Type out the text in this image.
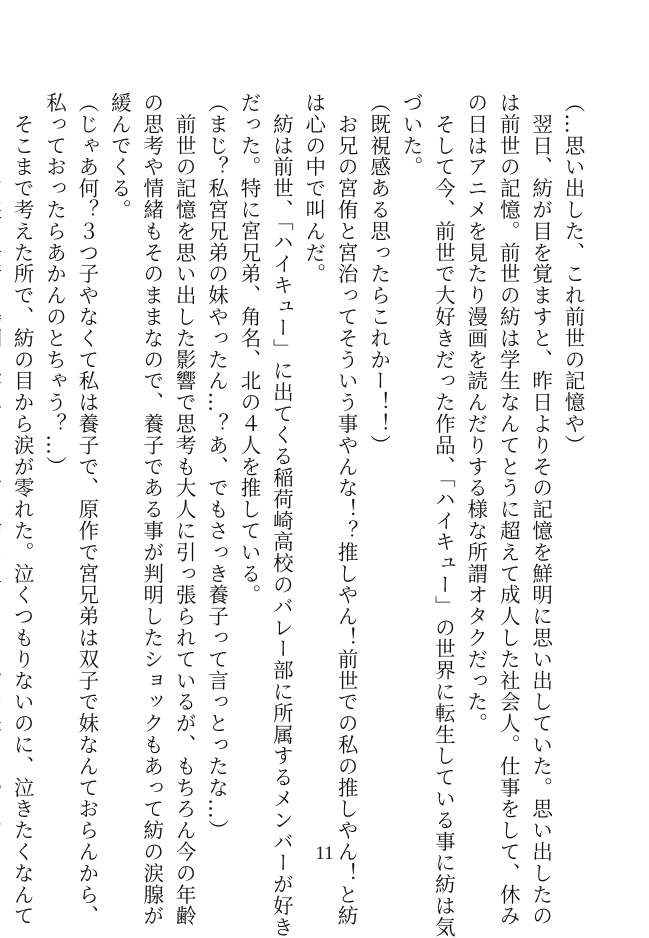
（…思い出した、これ前世の記憶や）
　翌日、紡が目を覚ますと、昨日よりその記憶を鮮明に思い出していた。思い出したの
は前世の記憶。前世の紡は学生なんてとうに超えて成人した社会人。仕事をして、休み
の日はアニメを見たり漫画を読んだりする様な所謂オタクだった。
　そして今、前世で大好きだった作品、「ハイキュー」の世界に転生している事に紡は気
づいた。
（既視感ある思ったらこれかー！！）
　お兄の宮侑と宮治ってそういう事やんな！？推しやん！前世での私の推しやん！と紡
は心の中で叫んだ。
　紡は前世、「ハイキュー」に出てくる稲荷崎高校のバレー部に所属するメンバーが好き
だった。特に宮兄弟、角名、北の４人を推している。
（まじ？私宮兄弟の妹やったん…？あ、でもさっき養子って言っとったな…）
　前世の記憶を思い出した影響で思考も大人に引っ張られているが、もちろん今の年齢
の思考や情緒もそのままなので、養子である事が判明したショックもあって紡の涙腺が
緩んでくる。
（じゃあ何？３つ子やなくて私は養子で、原作で宮兄弟は双子で妹なんておらんから、
私っておったらあかんのとちゃう？…）
　そこまで考えた所で、紡の目から涙が零れた。泣くつもりないのに、泣きたくなんて	11
